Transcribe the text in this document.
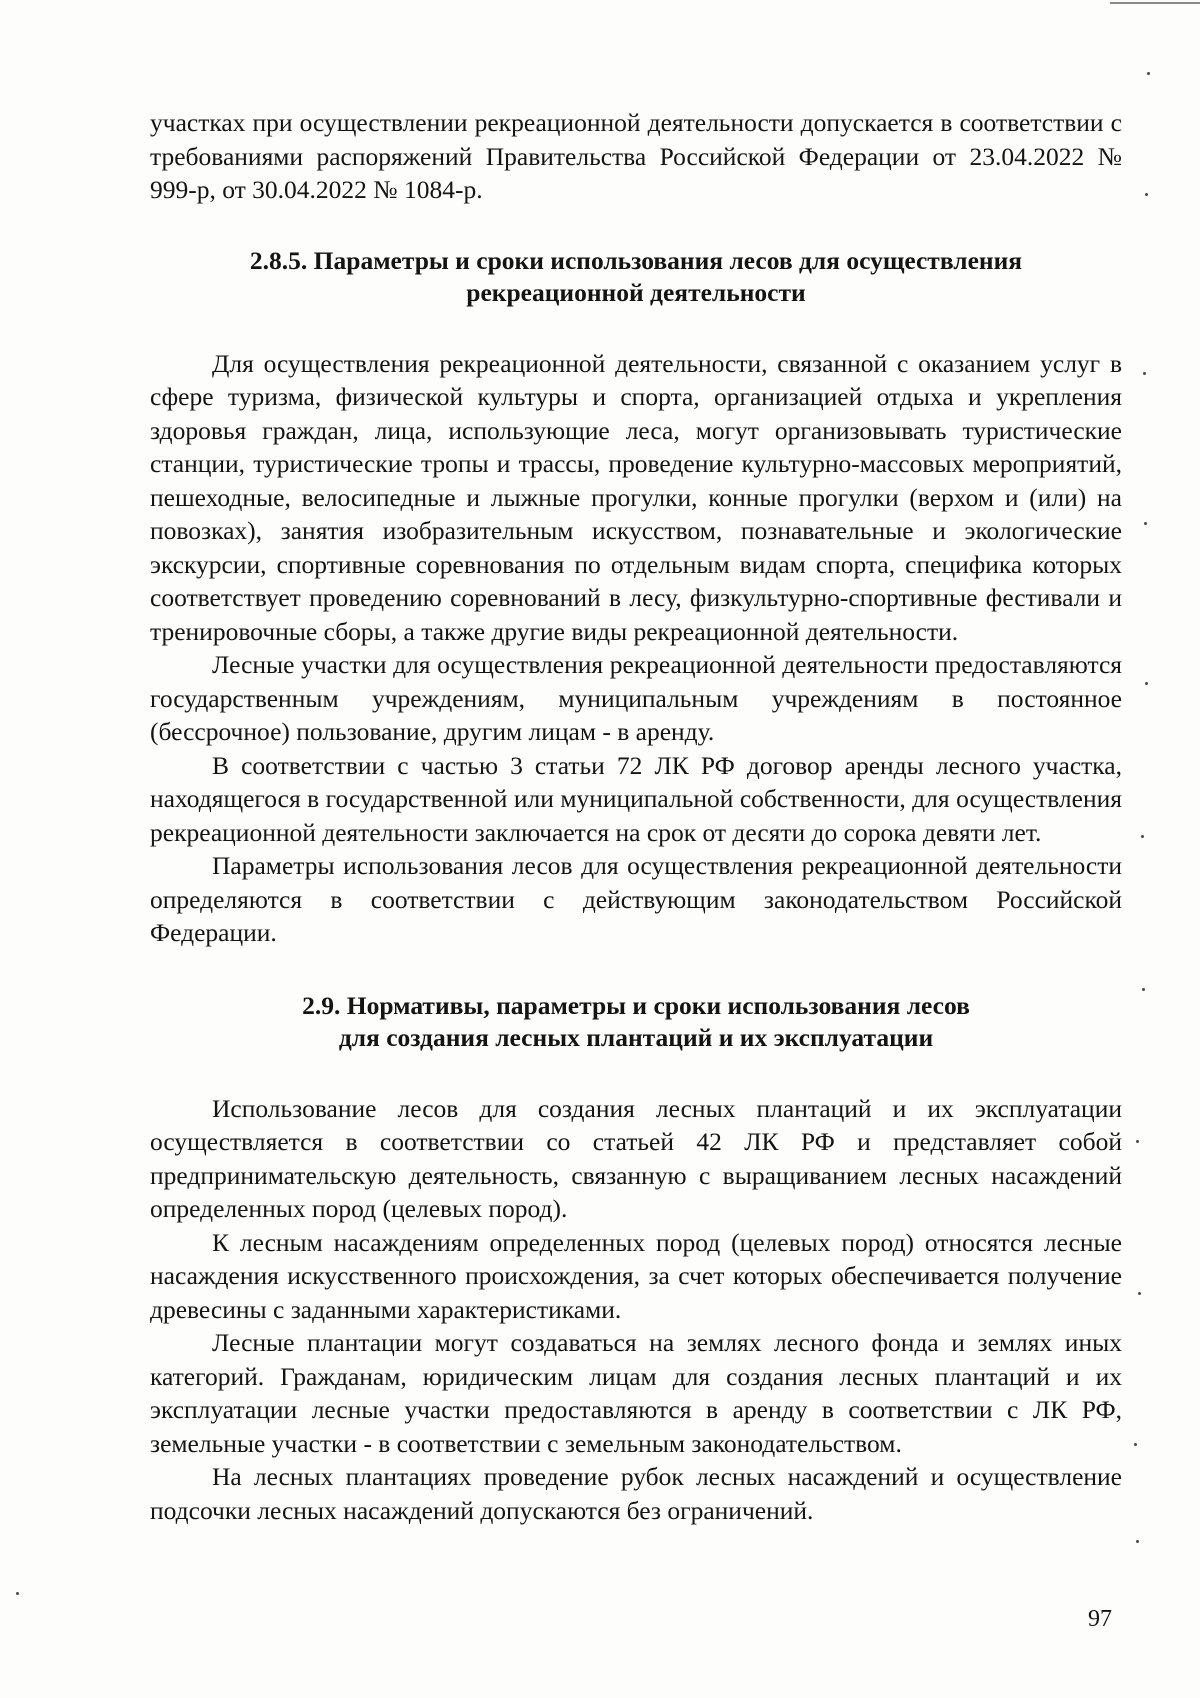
участках при осуществлении рекреационной деятельности допускается в соответствии с требованиями распоряжений Правительства Российской Федерации от 23.04.2022 № 999-р, от 30.04.2022 № 1084-р.

2.8.5. Параметры и сроки использования лесов для осуществления
рекреационной деятельности

Для осуществления рекреационной деятельности, связанной с оказанием услуг в сфере туризма, физической культуры и спорта, организацией отдыха и укрепления здоровья граждан, лица, использующие леса, могут организовывать туристические станции, туристические тропы и трассы, проведение культурно-массовых мероприятий, пешеходные, велосипедные и лыжные прогулки, конные прогулки (верхом и (или) на повозках), занятия изобразительным искусством, познавательные и экологические экскурсии, спортивные соревнования по отдельным видам спорта, специфика которых соответствует проведению соревнований в лесу, физкультурно-спортивные фестивали и тренировочные сборы, а также другие виды рекреационной деятельности.

Лесные участки для осуществления рекреационной деятельности предоставляются государственным учреждениям, муниципальным учреждениям в постоянное (бессрочное) пользование, другим лицам - в аренду.

В соответствии с частью 3 статьи 72 ЛК РФ договор аренды лесного участка, находящегося в государственной или муниципальной собственности, для осуществления рекреационной деятельности заключается на срок от десяти до сорока девяти лет.

Параметры использования лесов для осуществления рекреационной деятельности определяются в соответствии с действующим законодательством Российской Федерации.

2.9. Нормативы, параметры и сроки использования лесов
для создания лесных плантаций и их эксплуатации

Использование лесов для создания лесных плантаций и их эксплуатации осуществляется в соответствии со статьей 42 ЛК РФ и представляет собой предпринимательскую деятельность, связанную с выращиванием лесных насаждений определенных пород (целевых пород).

К лесным насаждениям определенных пород (целевых пород) относятся лесные насаждения искусственного происхождения, за счет которых обеспечивается получение древесины с заданными характеристиками.

Лесные плантации могут создаваться на землях лесного фонда и землях иных категорий. Гражданам, юридическим лицам для создания лесных плантаций и их эксплуатации лесные участки предоставляются в аренду в соответствии с ЛК РФ, земельные участки - в соответствии с земельным законодательством.

На лесных плантациях проведение рубок лесных насаждений и осуществление подсочки лесных насаждений допускаются без ограничений.

97
